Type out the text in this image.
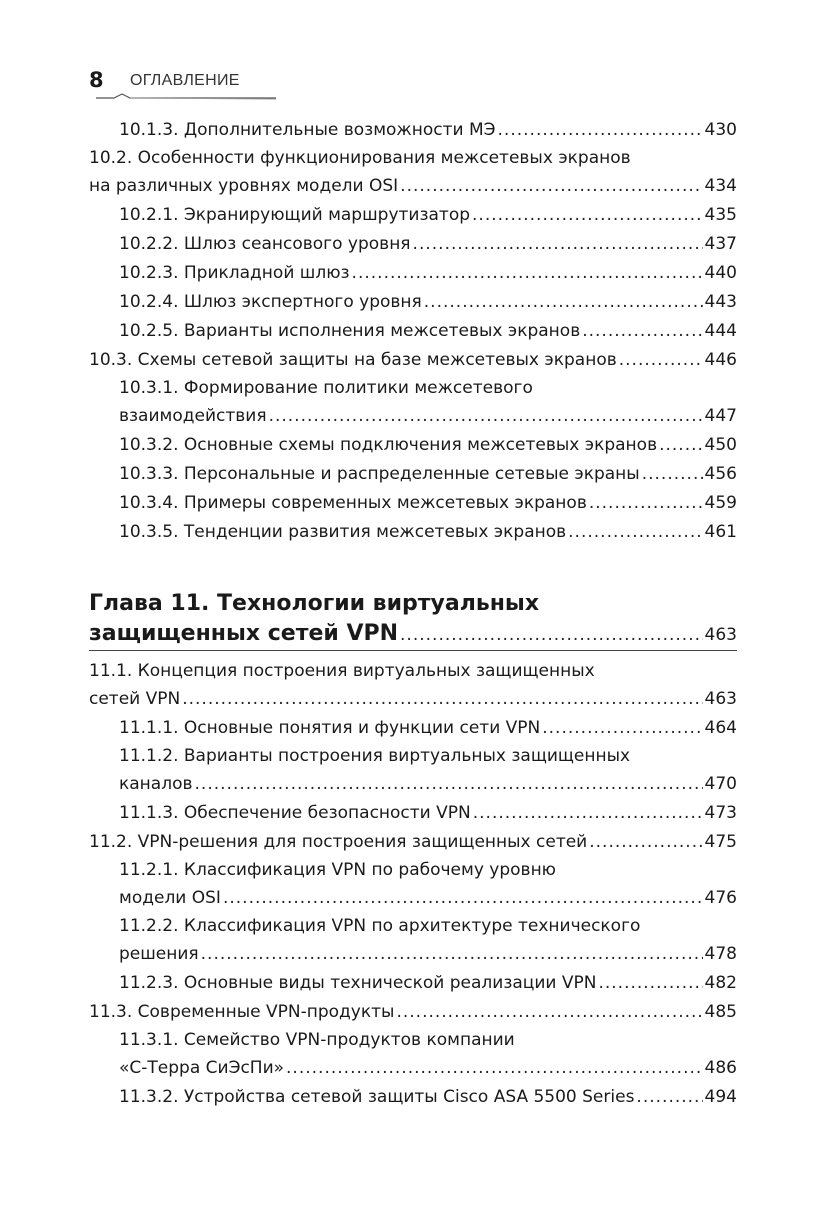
8 ОГЛАВЛЕНИЕ
10.1.3. Дополнительные возможности МЭ .....	430
10.2. Особенности функционирования межсетевых экранов
на различных уровнях модели OSI .....	434
10.2.1. Экранирующий маршрутизатор .....	435
10.2.2. Шлюз сеансового уровня .....	437
10.2.3. Прикладной шлюз .....	440
10.2.4. Шлюз экспертного уровня .....	443
10.2.5. Варианты исполнения межсетевых экранов .....	444
10.3. Схемы сетевой защиты на базе межсетевых экранов .....	446
10.3.1. Формирование политики межсетевого
взаимодействия .....	447
10.3.2. Основные схемы подключения межсетевых экранов .....	450
10.3.3. Персональные и распределенные сетевые экраны .....	456
10.3.4. Примеры современных межсетевых экранов .....	459
10.3.5. Тенденции развития межсетевых экранов .....	461
Глава 11. Технологии виртуальных
защищенных сетей VPN .....	463
11.1. Концепция построения виртуальных защищенных
сетей VPN .....	463
11.1.1. Основные понятия и функции сети VPN .....	464
11.1.2. Варианты построения виртуальных защищенных
каналов .....	470
11.1.3. Обеспечение безопасности VPN .....	473
11.2. VPN-решения для построения защищенных сетей .....	475
11.2.1. Классификация VPN по рабочему уровню
модели OSI .....	476
11.2.2. Классификация VPN по архитектуре технического
решения .....	478
11.2.3. Основные виды технической реализации VPN .....	482
11.3. Современные VPN-продукты .....	485
11.3.1. Семейство VPN-продуктов компании
«С-Терра СиЭсПи» .....	486
11.3.2. Устройства сетевой защиты Cisco ASA 5500 Series .....	494
